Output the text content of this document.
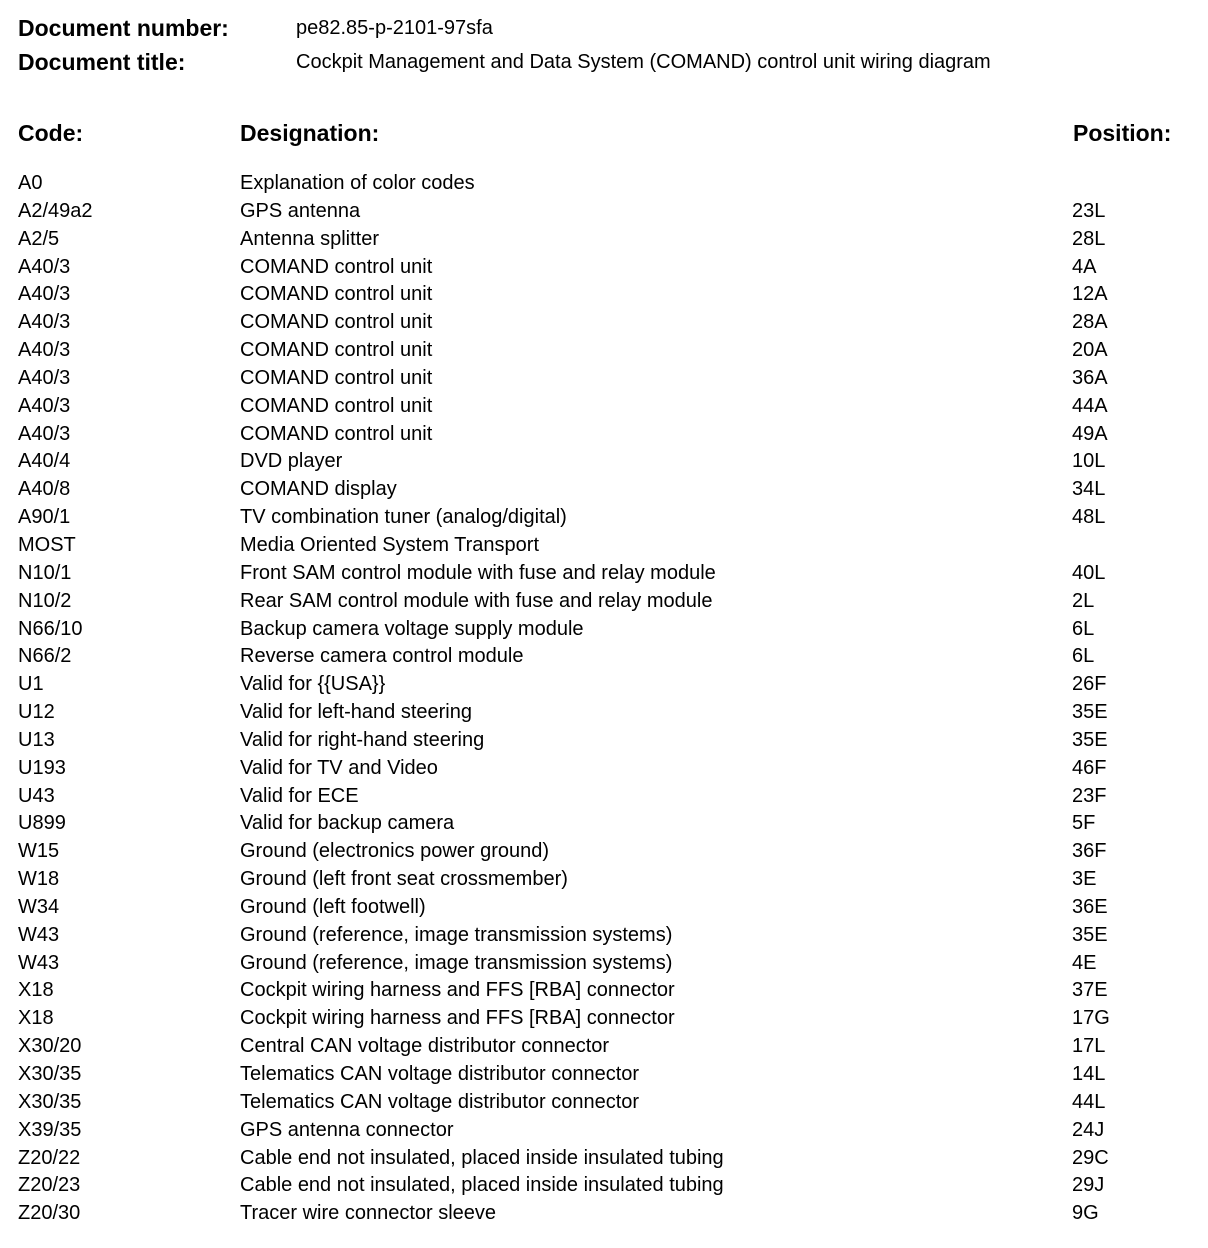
Document number:	pe82.85-p-2101-97sfa
Document title:	Cockpit Management and Data System (COMAND) control unit wiring diagram
Code:	Designation:	Position:
A0	Explanation of color codes
A2/49a2	GPS antenna	23L
A2/5	Antenna splitter	28L
A40/3	COMAND control unit	4A
A40/3	COMAND control unit	12A
A40/3	COMAND control unit	28A
A40/3	COMAND control unit	20A
A40/3	COMAND control unit	36A
A40/3	COMAND control unit	44A
A40/3	COMAND control unit	49A
A40/4	DVD player	10L
A40/8	COMAND display	34L
A90/1	TV combination tuner (analog/digital)	48L
MOST	Media Oriented System Transport
N10/1	Front SAM control module with fuse and relay module	40L
N10/2	Rear SAM control module with fuse and relay module	2L
N66/10	Backup camera voltage supply module	6L
N66/2	Reverse camera control module	6L
U1	Valid for {{USA}}	26F
U12	Valid for left-hand steering	35E
U13	Valid for right-hand steering	35E
U193	Valid for TV and Video	46F
U43	Valid for ECE	23F
U899	Valid for backup camera	5F
W15	Ground (electronics power ground)	36F
W18	Ground (left front seat crossmember)	3E
W34	Ground (left footwell)	36E
W43	Ground (reference, image transmission systems)	35E
W43	Ground (reference, image transmission systems)	4E
X18	Cockpit wiring harness and FFS [RBA] connector	37E
X18	Cockpit wiring harness and FFS [RBA] connector	17G
X30/20	Central CAN voltage distributor connector	17L
X30/35	Telematics CAN voltage distributor connector	14L
X30/35	Telematics CAN voltage distributor connector	44L
X39/35	GPS antenna connector	24J
Z20/22	Cable end not insulated, placed inside insulated tubing	29C
Z20/23	Cable end not insulated, placed inside insulated tubing	29J
Z20/30	Tracer wire connector sleeve	9G
